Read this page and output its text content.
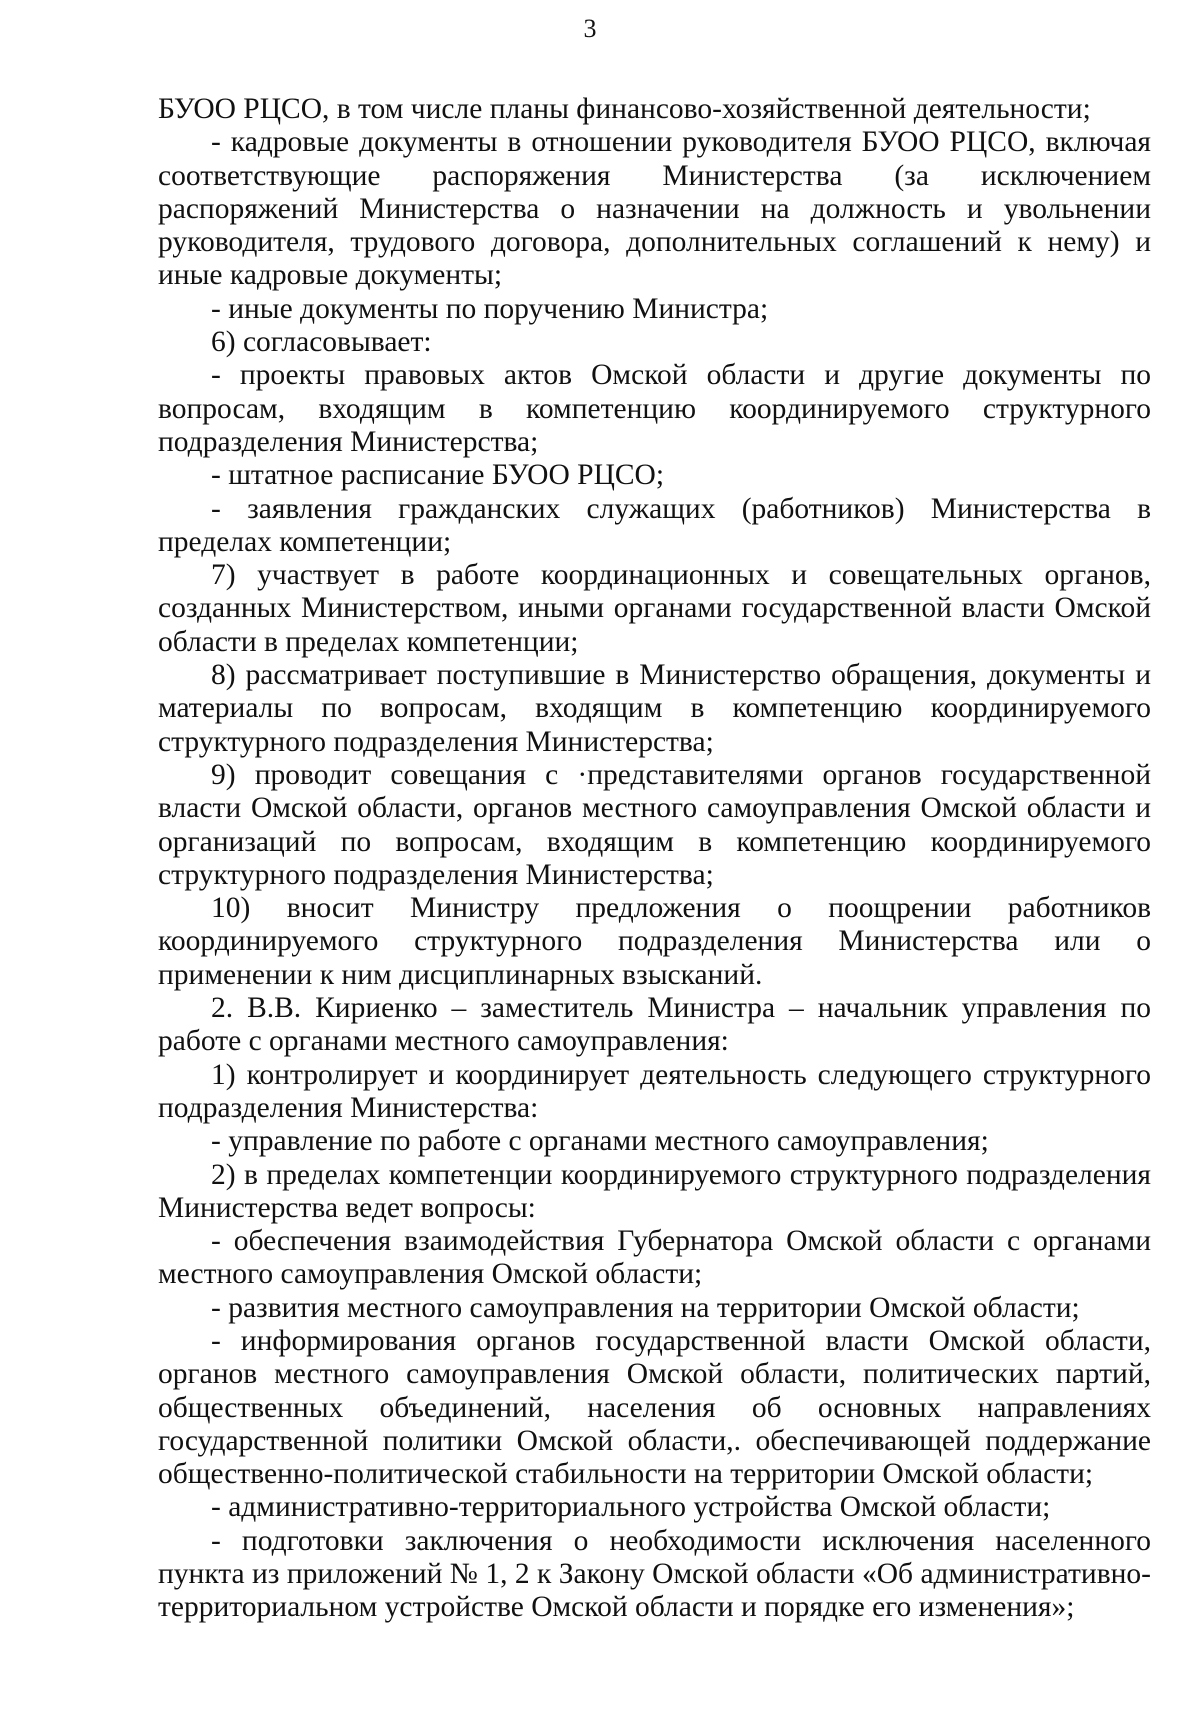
3

БУОО РЦСО, в том числе планы финансово-хозяйственной деятельности;

- кадровые документы в отношении руководителя БУОО РЦСО, включая соответствующие распоряжения Министерства (за исключением распоряжений Министерства о назначении на должность и увольнении руководителя, трудового договора, дополнительных соглашений к нему) и иные кадровые документы;

- иные документы по поручению Министра;

6) согласовывает:

- проекты правовых актов Омской области и другие документы по вопросам, входящим в компетенцию координируемого структурного подразделения Министерства;

- штатное расписание БУОО РЦСО;

- заявления гражданских служащих (работников) Министерства в пределах компетенции;

7) участвует в работе координационных и совещательных органов, созданных Министерством, иными органами государственной власти Омской области в пределах компетенции;

8) рассматривает поступившие в Министерство обращения, документы и материалы по вопросам, входящим в компетенцию координируемого структурного подразделения Министерства;

9) проводит совещания с ·представителями органов государственной власти Омской области, органов местного самоуправления Омской области и организаций по вопросам, входящим в компетенцию координируемого структурного подразделения Министерства;

10) вносит Министру предложения о поощрении работников координируемого структурного подразделения Министерства или о применении к ним дисциплинарных взысканий.

2. В.В. Кириенко – заместитель Министра – начальник управления по работе с органами местного самоуправления:

1) контролирует и координирует деятельность следующего структурного подразделения Министерства:

- управление по работе с органами местного самоуправления;

2) в пределах компетенции координируемого структурного подразделения Министерства ведет вопросы:

- обеспечения взаимодействия Губернатора Омской области с органами местного самоуправления Омской области;

- развития местного самоуправления на территории Омской области;

- информирования органов государственной власти Омской области, органов местного самоуправления Омской области, политических партий, общественных объединений, населения об основных направлениях государственной политики Омской области,. обеспечивающей поддержание общественно-политической стабильности на территории Омской области;

- административно-территориального устройства Омской области;

- подготовки заключения о необходимости исключения населенного пункта из приложений № 1, 2 к Закону Омской области «Об административно-территориальном устройстве Омской области и порядке его изменения»;
